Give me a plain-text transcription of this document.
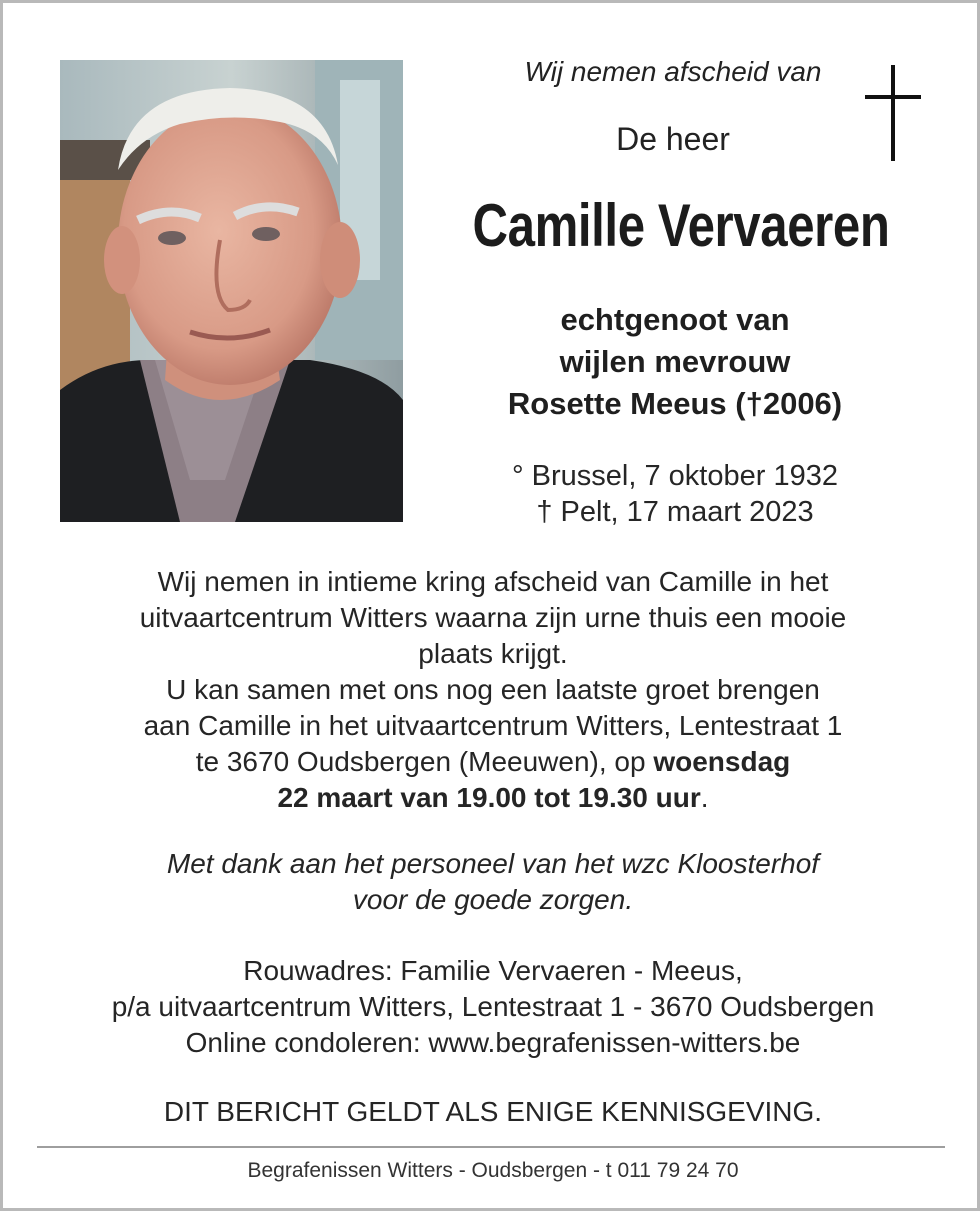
Wij nemen afscheid van
De heer
Camille Vervaeren
echtgenoot van
wijlen mevrouw
Rosette Meeus (†2006)
° Brussel, 7 oktober 1932
† Pelt, 17 maart 2023
Wij nemen in intieme kring afscheid van Camille in het
uitvaartcentrum Witters waarna zijn urne thuis een mooie
plaats krijgt.
U kan samen met ons nog een laatste groet brengen
aan Camille in het uitvaartcentrum Witters, Lentestraat 1
te 3670 Oudsbergen (Meeuwen), op woensdag
22 maart van 19.00 tot 19.30 uur.
Met dank aan het personeel van het wzc Kloosterhof
voor de goede zorgen.
Rouwadres: Familie Vervaeren - Meeus,
p/a uitvaartcentrum Witters, Lentestraat 1 - 3670 Oudsbergen
Online condoleren: www.begrafenissen-witters.be
DIT BERICHT GELDT ALS ENIGE KENNISGEVING.
Begrafenissen Witters - Oudsbergen - t 011 79 24 70
